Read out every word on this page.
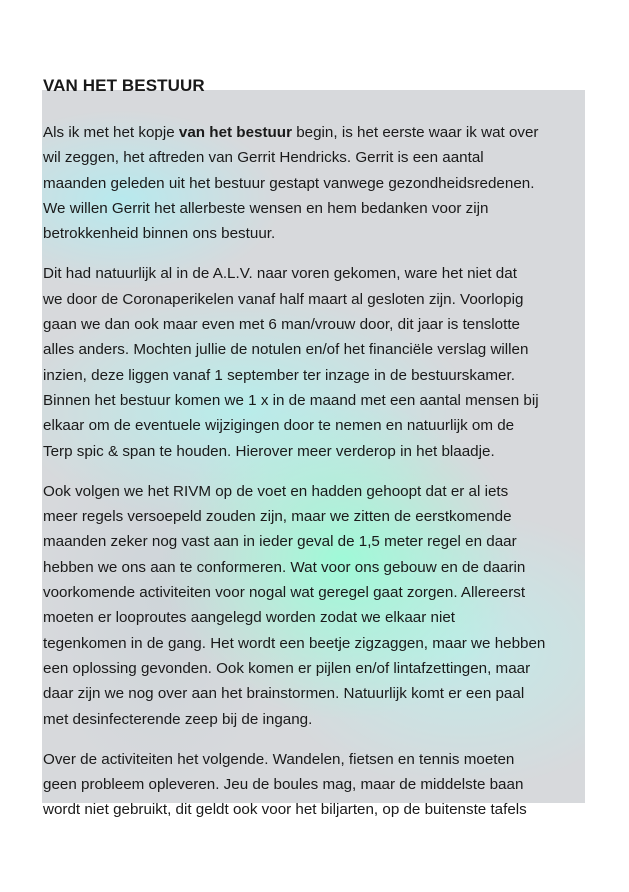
VAN HET BESTUUR
Als ik met het kopje van het bestuur begin, is het eerste waar ik wat over
wil zeggen, het aftreden van Gerrit Hendricks. Gerrit is een aantal
maanden geleden uit het bestuur gestapt vanwege gezondheidsredenen.
We willen Gerrit het allerbeste wensen en hem bedanken voor zijn
betrokkenheid binnen ons bestuur.
Dit had natuurlijk al in de A.L.V. naar voren gekomen, ware het niet dat
we door de Coronaperikelen vanaf half maart al gesloten zijn. Voorlopig
gaan we dan ook maar even met 6 man/vrouw door, dit jaar is tenslotte
alles anders. Mochten jullie de notulen en/of het financiële verslag willen
inzien, deze liggen vanaf 1 september ter inzage in de bestuurskamer.
Binnen het bestuur komen we 1 x in de maand met een aantal mensen bij
elkaar om de eventuele wijzigingen door te nemen en natuurlijk om de
Terp spic & span te houden. Hierover meer verderop in het blaadje.
Ook volgen we het RIVM op de voet en hadden gehoopt dat er al iets
meer regels versoepeld zouden zijn, maar we zitten de eerstkomende
maanden zeker nog vast aan in ieder geval de 1,5 meter regel en daar
hebben we ons aan te conformeren. Wat voor ons gebouw en de daarin
voorkomende activiteiten voor nogal wat geregel gaat zorgen. Allereerst
moeten er looproutes aangelegd worden zodat we elkaar niet
tegenkomen in de gang. Het wordt een beetje zigzaggen, maar we hebben
een oplossing gevonden. Ook komen er pijlen en/of lintafzettingen, maar
daar zijn we nog over aan het brainstormen. Natuurlijk komt er een paal
met desinfecterende zeep bij de ingang.
Over de activiteiten het volgende. Wandelen, fietsen en tennis moeten
geen probleem opleveren. Jeu de boules mag, maar de middelste baan
wordt niet gebruikt, dit geldt ook voor het biljarten, op de buitenste tafels
